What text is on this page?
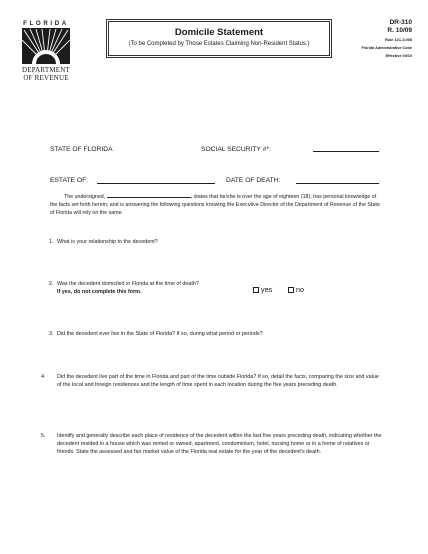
FLORIDA
DEPARTMENT
OF REVENUE
Domicile Statement
(To be Completed by Those Estates Claiming Non-Resident Status.)
DR-310
R. 10/09
Rule 12C-3.008
Florida Administrative Code
Effective 05/10
STATE OF FLORIDA	SOCIAL SECURITY #*:
ESTATE OF:	DATE OF DEATH:
The undersigned,	, states that he/she is over the age of eighteen (18); has personal knowledge of the facts set forth herein; and is answering the following questions knowing the Executive Director of the Department of Revenue of the State of Florida will rely on the same.
1. What is your relationship to the decedent?
2. Was the decedent domiciled in Florida at the time of death?
If yes, do not complete this form.	yes	no
3. Did the decedent ever live in the State of Florida? If so, during what period or periods?
4. Did the decedent live part of the time in Florida and part of the time outside Florida? If so, detail the facts, comparing the size and value of the local and foreign residences and the length of time spent in each location during the five years preceding death.
5. Identify and generally describe each place of residence of the decedent within the last five years preceding death, indicating whether the decedent resided in a house which was rented or owned, apartment, condominium, hotel, nursing home or in a home of relatives or friends. State the assessed and fair market value of the Florida real estate for the year of the decedent's death.
